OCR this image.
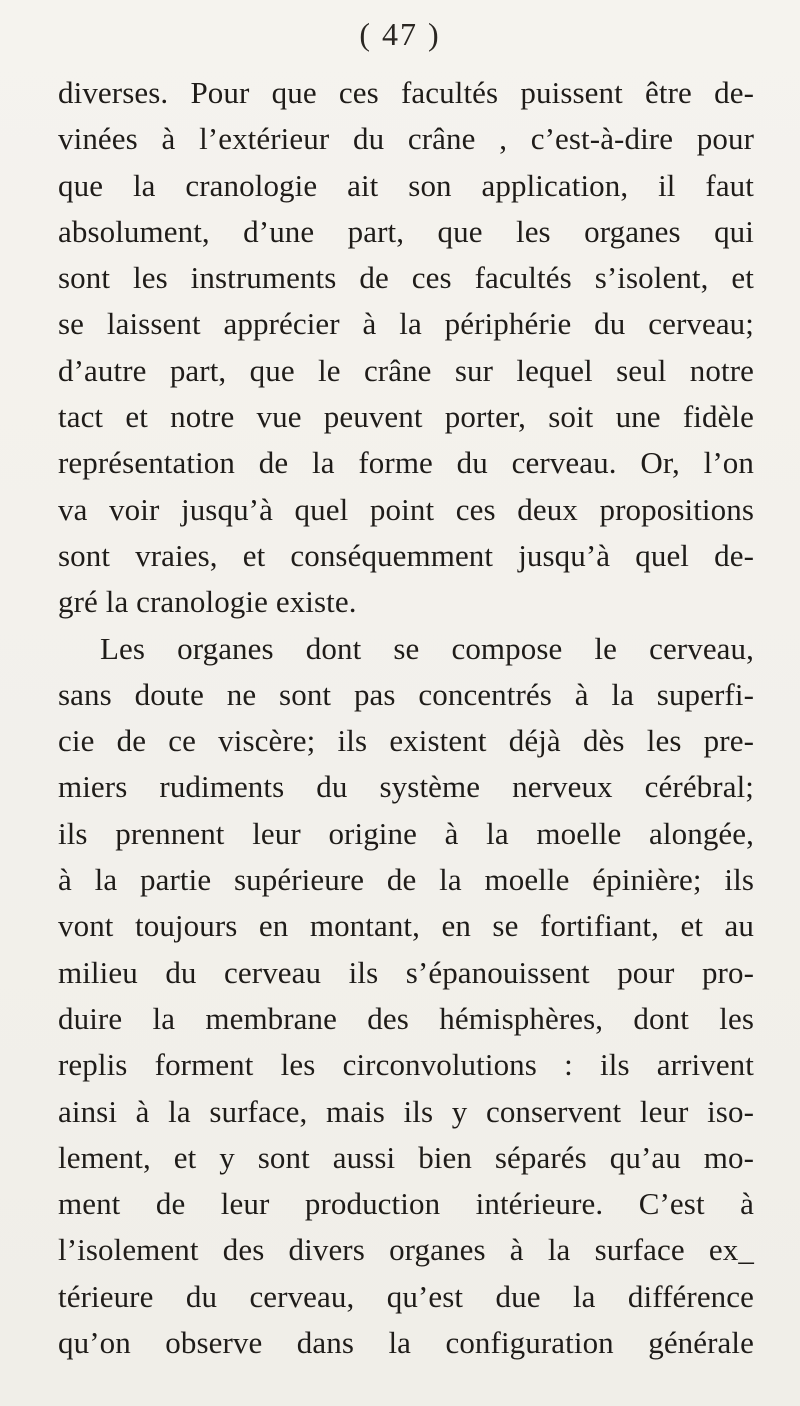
( 47 )
diverses. Pour que ces facultés puissent être de-
vinées à l’extérieur du crâne , c’est-à-dire pour
que la cranologie ait son application, il faut
absolument, d’une part, que les organes qui
sont les instruments de ces facultés s’isolent, et
se laissent apprécier à la périphérie du cerveau;
d’autre part, que le crâne sur lequel seul notre
tact et notre vue peuvent porter, soit une fidèle
représentation de la forme du cerveau. Or, l’on
va voir jusqu’à quel point ces deux propositions
sont vraies, et conséquemment jusqu’à quel de-
gré la cranologie existe.
Les organes dont se compose le cerveau,
sans doute ne sont pas concentrés à la superfi-
cie de ce viscère; ils existent déjà dès les pre-
miers rudiments du système nerveux cérébral;
ils prennent leur origine à la moelle alongée,
à la partie supérieure de la moelle épinière; ils
vont toujours en montant, en se fortifiant, et au
milieu du cerveau ils s’épanouissent pour pro-
duire la membrane des hémisphères, dont les
replis forment les circonvolutions : ils arrivent
ainsi à la surface, mais ils y conservent leur iso-
lement, et y sont aussi bien séparés qu’au mo-
ment de leur production intérieure. C’est à
l’isolement des divers organes à la surface ex_
térieure du cerveau, qu’est due la différence
qu’on observe dans la configuration générale
